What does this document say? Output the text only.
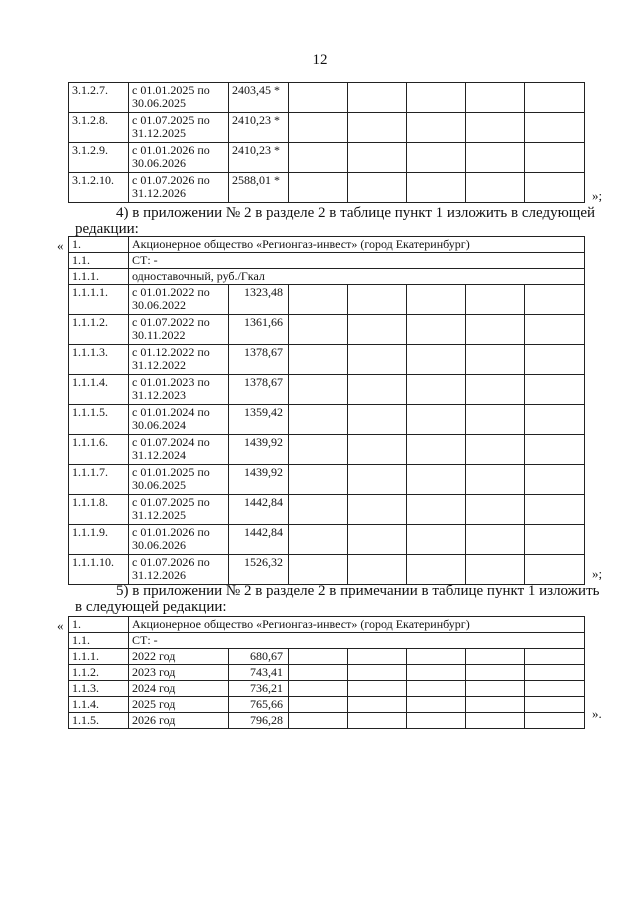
12
3.1.2.7.	с 01.01.2025 по
30.06.2025	2403,45 *					
3.1.2.8.	с 01.07.2025 по
31.12.2025	2410,23 *					
3.1.2.9.	с 01.01.2026 по
30.06.2026	2410,23 *					
3.1.2.10.	с 01.07.2026 по
31.12.2026	2588,01 *					
»;
4) в приложении № 2 в разделе 2 в таблице пункт 1 изложить в следующей
редакции:
« 1.	Акционерное общество «Регионгаз-инвест» (город Екатеринбург)						
1.1.	СТ: -						
1.1.1.	одноставочный, руб./Гкал						
1.1.1.1.	с 01.01.2022 по
30.06.2022	1323,48					
1.1.1.2.	с 01.07.2022 по
30.11.2022	1361,66					
1.1.1.3.	с 01.12.2022 по
31.12.2022	1378,67					
1.1.1.4.	с 01.01.2023 по
31.12.2023	1378,67					
1.1.1.5.	с 01.01.2024 по
30.06.2024	1359,42					
1.1.1.6.	с 01.07.2024 по
31.12.2024	1439,92					
1.1.1.7.	с 01.01.2025 по
30.06.2025	1439,92					
1.1.1.8.	с 01.07.2025 по
31.12.2025	1442,84					
1.1.1.9.	с 01.01.2026 по
30.06.2026	1442,84					
1.1.1.10.	с 01.07.2026 по
31.12.2026	1526,32					
»;
5) в приложении № 2 в разделе 2 в примечании в таблице пункт 1 изложить
в следующей редакции:
« 1.	Акционерное общество «Регионгаз-инвест» (город Екатеринбург)						
1.1.	СТ: -						
1.1.1.	2022 год	680,67					
1.1.2.	2023 год	743,41					
1.1.3.	2024 год	736,21					
1.1.4.	2025 год	765,66					
1.1.5.	2026 год	796,28						».
